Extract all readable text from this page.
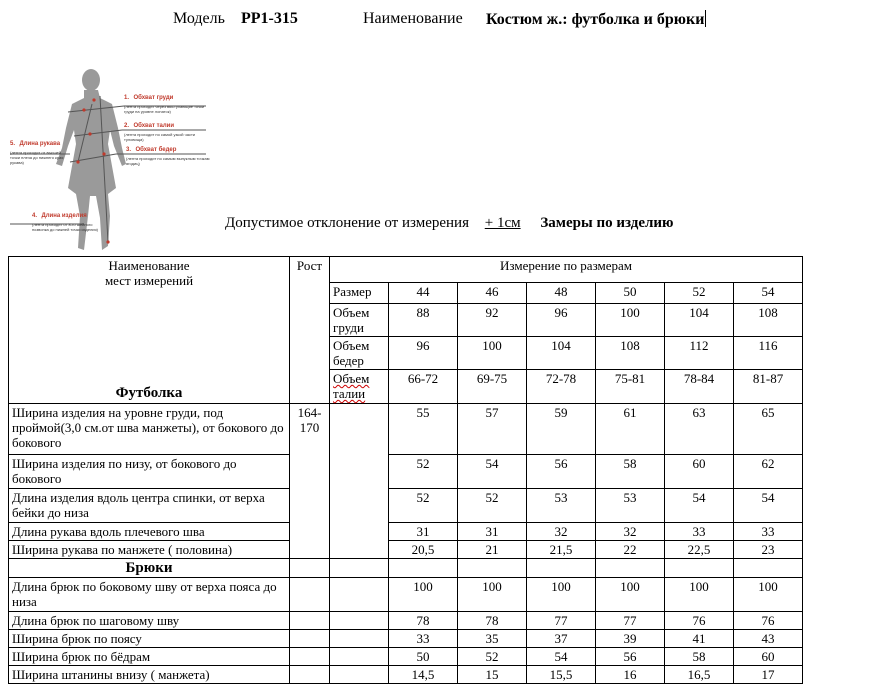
Модель РР1-315	Наименование Костюм ж.: футболка и брюки
1. Обхват груди
(лента проходит через выступающие точки груди на уровне лопаток)
2. Обхват талии
(лента проходит по самой узкой части туловища)
3. Обхват бедер
(лента проходит по самым выпуклым точкам ягодиц)
4. Длина изделия
(лента проходит от 8-го шейного позвонка до нижней точки изделия)
5. Длина рукава
(лента проходит от высшей точки плеча до нижнего края рукава)
Допустимое отклонение от измерения + 1см Замеры по изделию
Наименование
мест измерений
Футболка	Рост	Измерение по размерам						
		Размер	44	46	48	50	52	54
		Объем груди	88	92	96	100	104	108
		Объем бедер	96	100	104	108	112	116
		Объем талии	66-72	69-75	72-78	75-81	78-84	81-87
Ширина изделия на уровне груди, под проймой(3,0 см.от шва манжеты), от бокового до бокового	164-170		55	57	59	61	63	65
Ширина изделия по низу, от бокового до бокового			52	54	56	58	60	62
Длина изделия вдоль центра спинки, от верха бейки до низа			52	52	53	53	54	54
Длина рукава вдоль плечевого шва			31	31	32	32	33	33
Ширина рукава по манжете ( половина)			20,5	21	21,5	22	22,5	23
Брюки								
Длина брюк по боковому шву от верха пояса до низа			100	100	100	100	100	100
Длина брюк по шаговому шву			78	78	77	77	76	76
Ширина брюк по поясу			33	35	37	39	41	43
Ширина брюк по бёдрам			50	52	54	56	58	60
Ширина штанины внизу ( манжета)			14,5	15	15,5	16	16,5	17
